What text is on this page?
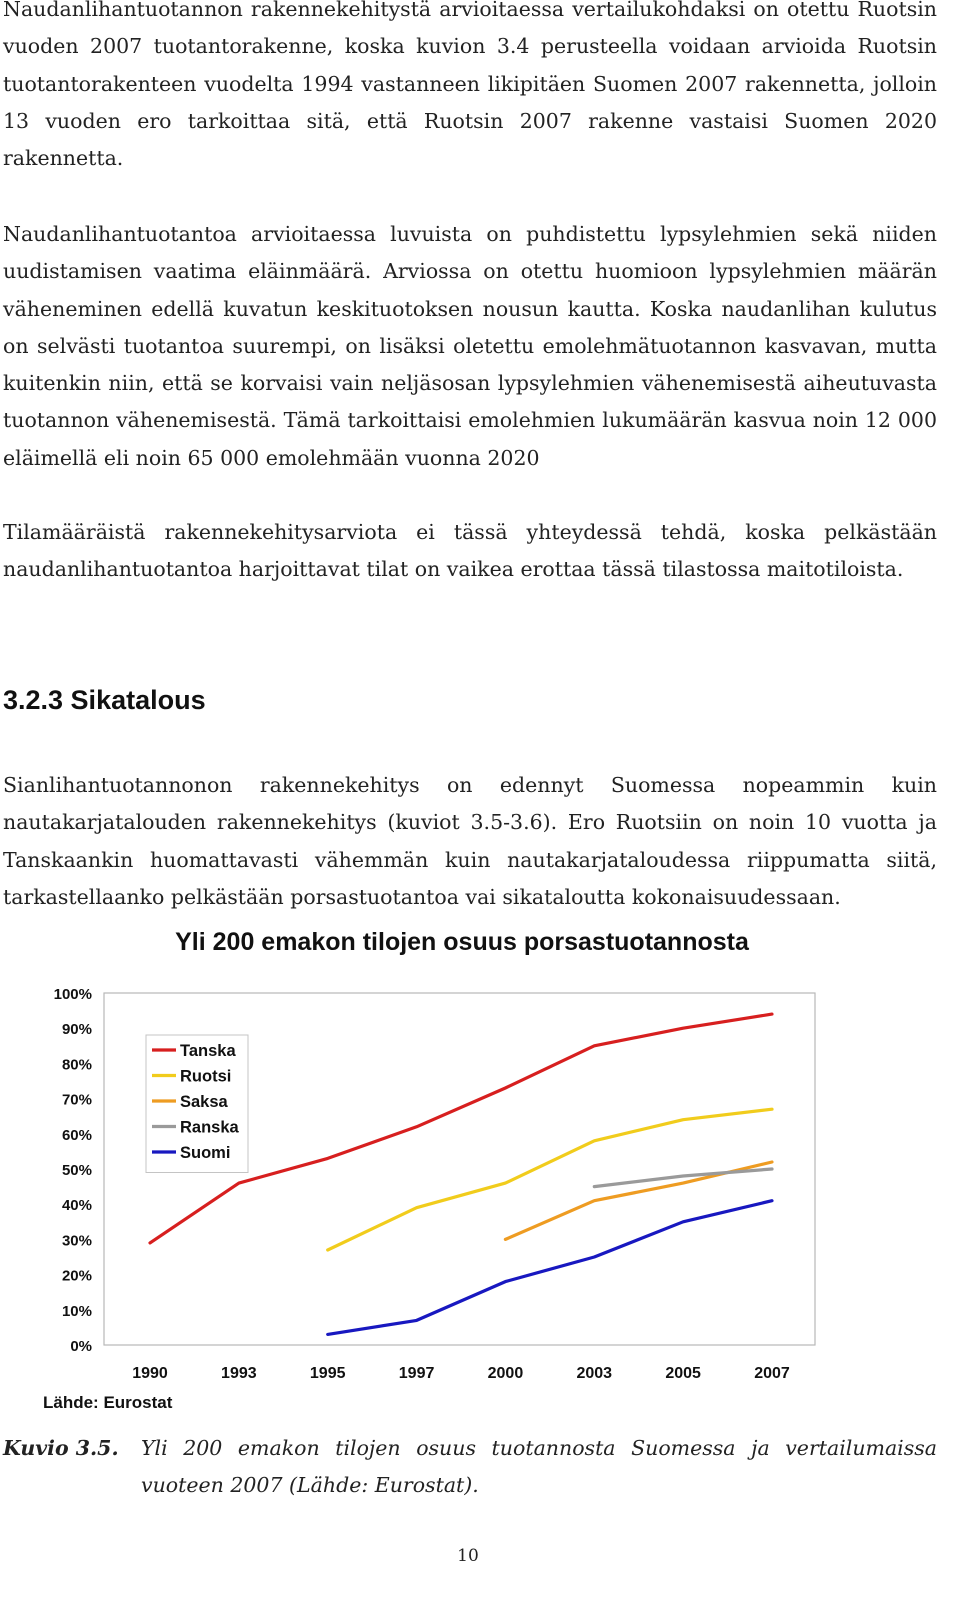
Naudanlihantuotannon rakennekehitystä arvioitaessa vertailukohdaksi on otettu Ruotsin vuoden 2007 tuotantorakenne, koska kuvion 3.4 perusteella voidaan arvioida Ruotsin tuotantorakenteen vuodelta 1994 vastanneen likipitäen Suomen 2007 rakennetta, jolloin 13 vuoden ero tarkoittaa sitä, että Ruotsin 2007 rakenne vastaisi Suomen 2020 rakennetta.

Naudanlihantuotantoa arvioitaessa luvuista on puhdistettu lypsylehmien sekä niiden uudistamisen vaatima eläinmäärä. Arviossa on otettu huomioon lypsylehmien määrän väheneminen edellä kuvatun keskituotoksen nousun kautta. Koska naudanlihan kulutus on selvästi tuotantoa suurempi, on lisäksi oletettu emolehmätuotannon kasvavan, mutta kuitenkin niin, että se korvaisi vain neljäsosan lypsylehmien vähenemisestä aiheutuvasta tuotannon vähenemisestä. Tämä tarkoittaisi emolehmien lukumäärän kasvua noin 12 000 eläimellä eli noin 65 000 emolehmään vuonna 2020

Tilamääräistä rakennekehitysarviota ei tässä yhteydessä tehdä, koska pelkästään naudanlihantuotantoa harjoittavat tilat on vaikea erottaa tässä tilastossa maitotiloista.

3.2.3 Sikatalous

Sianlihantuotannonon rakennekehitys on edennyt Suomessa nopeammin kuin nautakarjatalouden rakennekehitys (kuviot 3.5-3.6). Ero Ruotsiin on noin 10 vuotta ja Tanskaankin huomattavasti vähemmän kuin nautakarjataloudessa riippumatta siitä, tarkastellaanko pelkästään porsastuotantoa vai sikataloutta kokonaisuudessaan.

Yli 200 emakon tilojen osuus porsastuotannosta
0%
10%
20%
30%
40%
50%
60%
70%
80%
90%
100%
1990	1993	1995	1997	2000	2003	2005	2007
Tanska
Ruotsi
Saksa
Ranska
Suomi
Lähde: Eurostat
Kuvio 3.5. Yli 200 emakon tilojen osuus tuotannosta Suomessa ja vertailumaissa vuoteen 2007 (Lähde: Eurostat).

10
